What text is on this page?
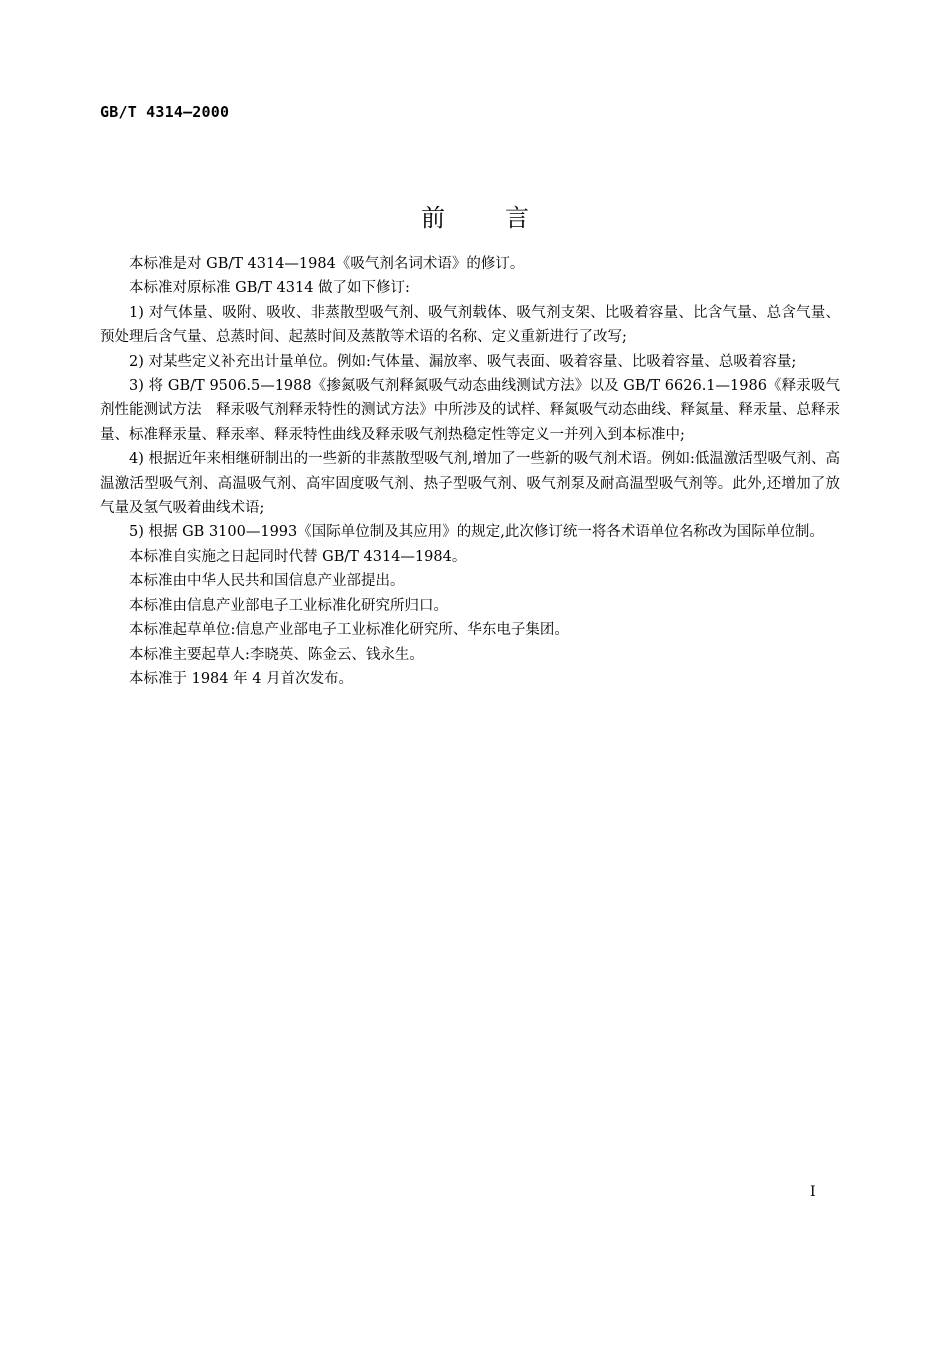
GB/T 4314—2000
前言

本标准是对 GB/T 4314—1984《吸气剂名词术语》的修订。

本标准对原标准 GB/T 4314 做了如下修订:

1) 对气体量、吸附、吸收、非蒸散型吸气剂、吸气剂载体、吸气剂支架、比吸着容量、比含气量、总含气量、预处理后含气量、总蒸时间、起蒸时间及蒸散等术语的名称、定义重新进行了改写;

2) 对某些定义补充出计量单位。例如:气体量、漏放率、吸气表面、吸着容量、比吸着容量、总吸着容量;

3) 将 GB/T 9506.5—1988《掺氮吸气剂释氮吸气动态曲线测试方法》以及 GB/T 6626.1—1986《释汞吸气剂性能测试方法　释汞吸气剂释汞特性的测试方法》中所涉及的试样、释氮吸气动态曲线、释氮量、释汞量、总释汞量、标准释汞量、释汞率、释汞特性曲线及释汞吸气剂热稳定性等定义一并列入到本标准中;

4) 根据近年来相继研制出的一些新的非蒸散型吸气剂,增加了一些新的吸气剂术语。例如:低温激活型吸气剂、高温激活型吸气剂、高温吸气剂、高牢固度吸气剂、热子型吸气剂、吸气剂泵及耐高温型吸气剂等。此外,还增加了放气量及氢气吸着曲线术语;

5) 根据 GB 3100—1993《国际单位制及其应用》的规定,此次修订统一将各术语单位名称改为国际单位制。

本标准自实施之日起同时代替 GB/T 4314—1984。

本标准由中华人民共和国信息产业部提出。

本标准由信息产业部电子工业标准化研究所归口。

本标准起草单位:信息产业部电子工业标准化研究所、华东电子集团。

本标准主要起草人:李晓英、陈金云、钱永生。

本标准于 1984 年 4 月首次发布。

I
